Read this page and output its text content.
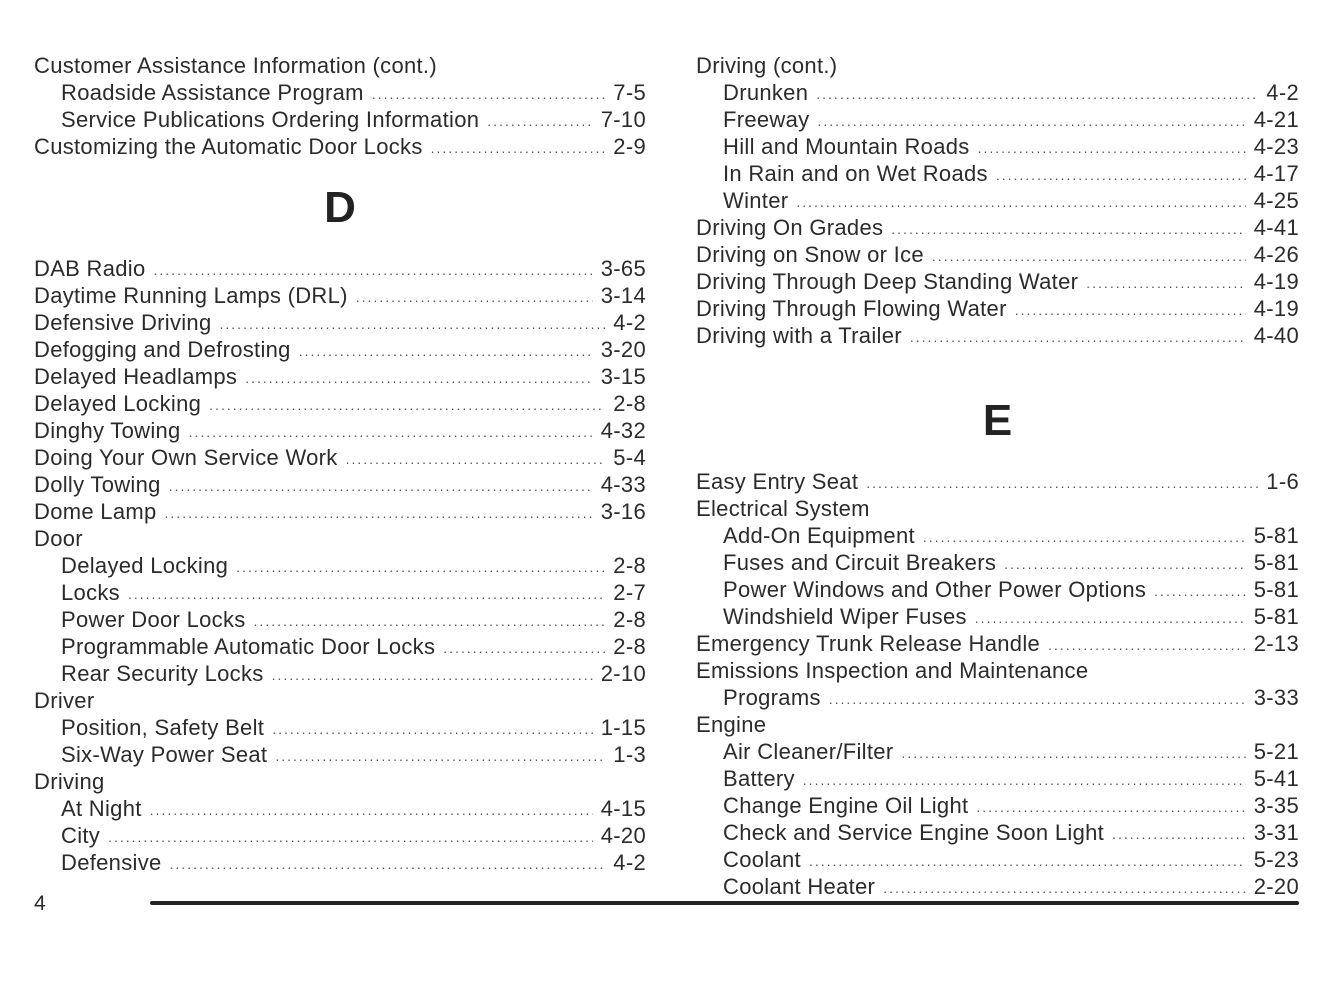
Customer Assistance Information (cont.)
Roadside Assistance Program .....	7-5
Service Publications Ordering Information .....	7-10
Customizing the Automatic Door Locks .....	2-9
D
DAB Radio .....	3-65
Daytime Running Lamps (DRL) .....	3-14
Defensive Driving .....	4-2
Defogging and Defrosting .....	3-20
Delayed Headlamps .....	3-15
Delayed Locking .....	2-8
Dinghy Towing .....	4-32
Doing Your Own Service Work .....	5-4
Dolly Towing .....	4-33
Dome Lamp .....	3-16
Door
Delayed Locking .....	2-8
Locks .....	2-7
Power Door Locks .....	2-8
Programmable Automatic Door Locks .....	2-8
Rear Security Locks .....	2-10
Driver
Position, Safety Belt .....	1-15
Six-Way Power Seat .....	1-3
Driving
At Night .....	4-15
City .....	4-20
Defensive .....	4-2
Driving (cont.)
Drunken .....	4-2
Freeway .....	4-21
Hill and Mountain Roads .....	4-23
In Rain and on Wet Roads .....	4-17
Winter .....	4-25
Driving On Grades .....	4-41
Driving on Snow or Ice .....	4-26
Driving Through Deep Standing Water .....	4-19
Driving Through Flowing Water .....	4-19
Driving with a Trailer .....	4-40
E
Easy Entry Seat .....	1-6
Electrical System
Add-On Equipment .....	5-81
Fuses and Circuit Breakers .....	5-81
Power Windows and Other Power Options .....	5-81
Windshield Wiper Fuses .....	5-81
Emergency Trunk Release Handle .....	2-13
Emissions Inspection and Maintenance
Programs .....	3-33
Engine
Air Cleaner/Filter .....	5-21
Battery .....	5-41
Change Engine Oil Light .....	3-35
Check and Service Engine Soon Light .....	3-31
Coolant .....	5-23
Coolant Heater .....	2-20
4
